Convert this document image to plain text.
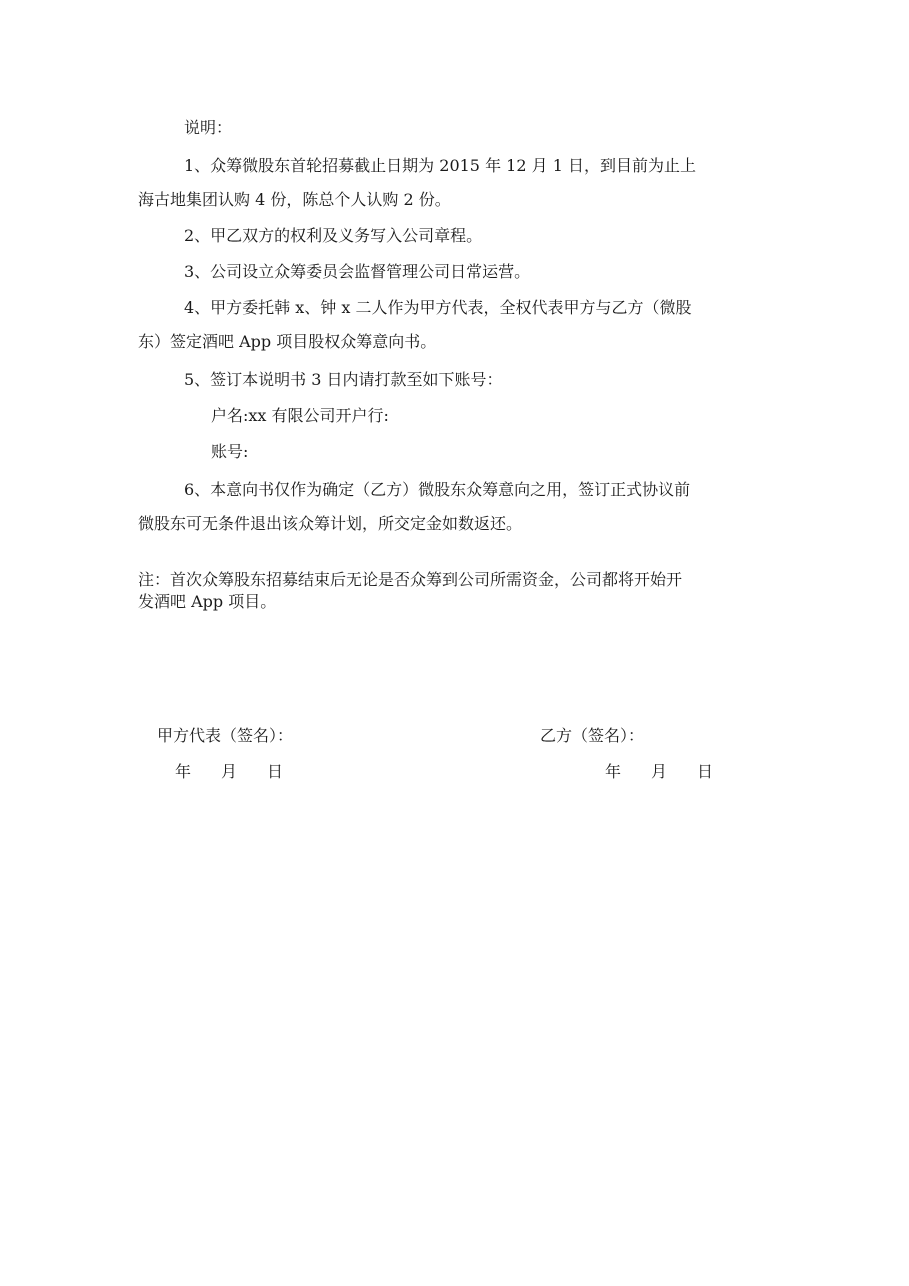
说明：
1、众筹微股东首轮招募截止日期为 2015 年 12 月 1 日，到目前为止上
海古地集团认购 4 份，陈总个人认购 2 份。
2、甲乙双方的权利及义务写入公司章程。
3、公司设立众筹委员会监督管理公司日常运营。
4、甲方委托韩 x、钟 x 二人作为甲方代表，全权代表甲方与乙方（微股
东）签定酒吧 App 项目股权众筹意向书。
5、签订本说明书 3 日内请打款至如下账号：
户名:xx 有限公司开户行:
账号:
6、本意向书仅作为确定（乙方）微股东众筹意向之用，签订正式协议前
微股东可无条件退出该众筹计划，所交定金如数返还。
注：首次众筹股东招募结束后无论是否众筹到公司所需资金，公司都将开始开
发酒吧 App 项目。
甲方代表（签名）：	乙方（签名）：
年 月 日	年 月 日
